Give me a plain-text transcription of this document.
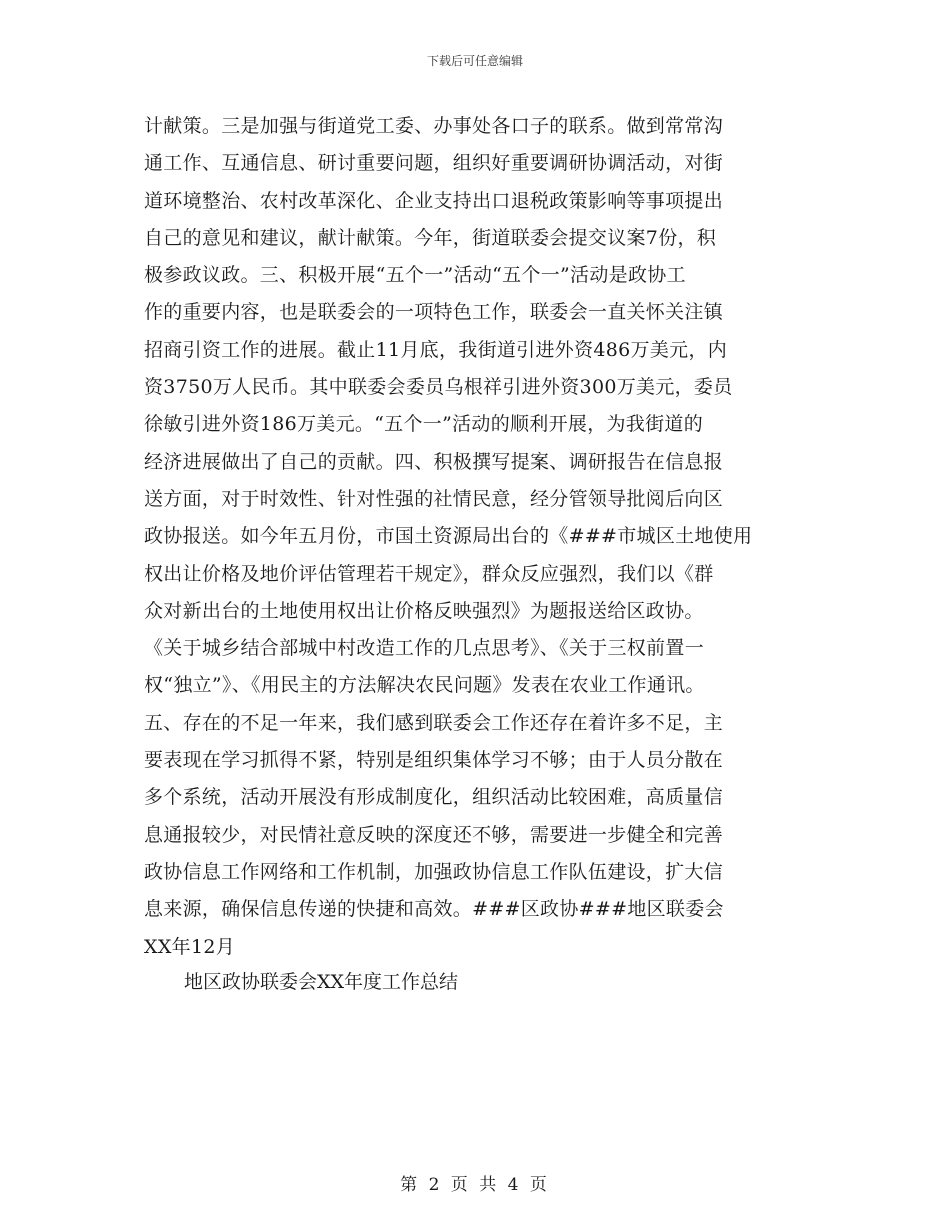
下载后可任意编辑
计献策。三是加强与街道党工委、办事处各口子的联系。做到常常沟
通工作、互通信息、研讨重要问题，组织好重要调研协调活动，对街
道环境整治、农村改革深化、企业支持出口退税政策影响等事项提出
自己的意见和建议，献计献策。今年，街道联委会提交议案7份，积
极参政议政。三、积极开展“五个一”活动“五个一”活动是政协工
作的重要内容，也是联委会的一项特色工作，联委会一直关怀关注镇
招商引资工作的进展。截止11月底，我街道引进外资486万美元，内
资3750万人民币。其中联委会委员乌根祥引进外资300万美元，委员
徐敏引进外资186万美元。“五个一”活动的顺利开展，为我街道的
经济进展做出了自己的贡献。四、积极撰写提案、调研报告在信息报
送方面，对于时效性、针对性强的社情民意，经分管领导批阅后向区
政协报送。如今年五月份，市国土资源局出台的《###市城区土地使用
权出让价格及地价评估管理若干规定》，群众反应强烈，我们以《群
众对新出台的土地使用权出让价格反映强烈》为题报送给区政协。
《关于城乡结合部城中村改造工作的几点思考》、《关于三权前置一
权“独立”》、《用民主的方法解决农民问题》发表在农业工作通讯。
五、存在的不足一年来，我们感到联委会工作还存在着许多不足，主
要表现在学习抓得不紧，特别是组织集体学习不够；由于人员分散在
多个系统，活动开展没有形成制度化，组织活动比较困难，高质量信
息通报较少，对民情社意反映的深度还不够，需要进一步健全和完善
政协信息工作网络和工作机制，加强政协信息工作队伍建设，扩大信
息来源，确保信息传递的快捷和高效。###区政协###地区联委会
XX年12月
地区政协联委会XX年度工作总结
第 2 页 共 4 页
